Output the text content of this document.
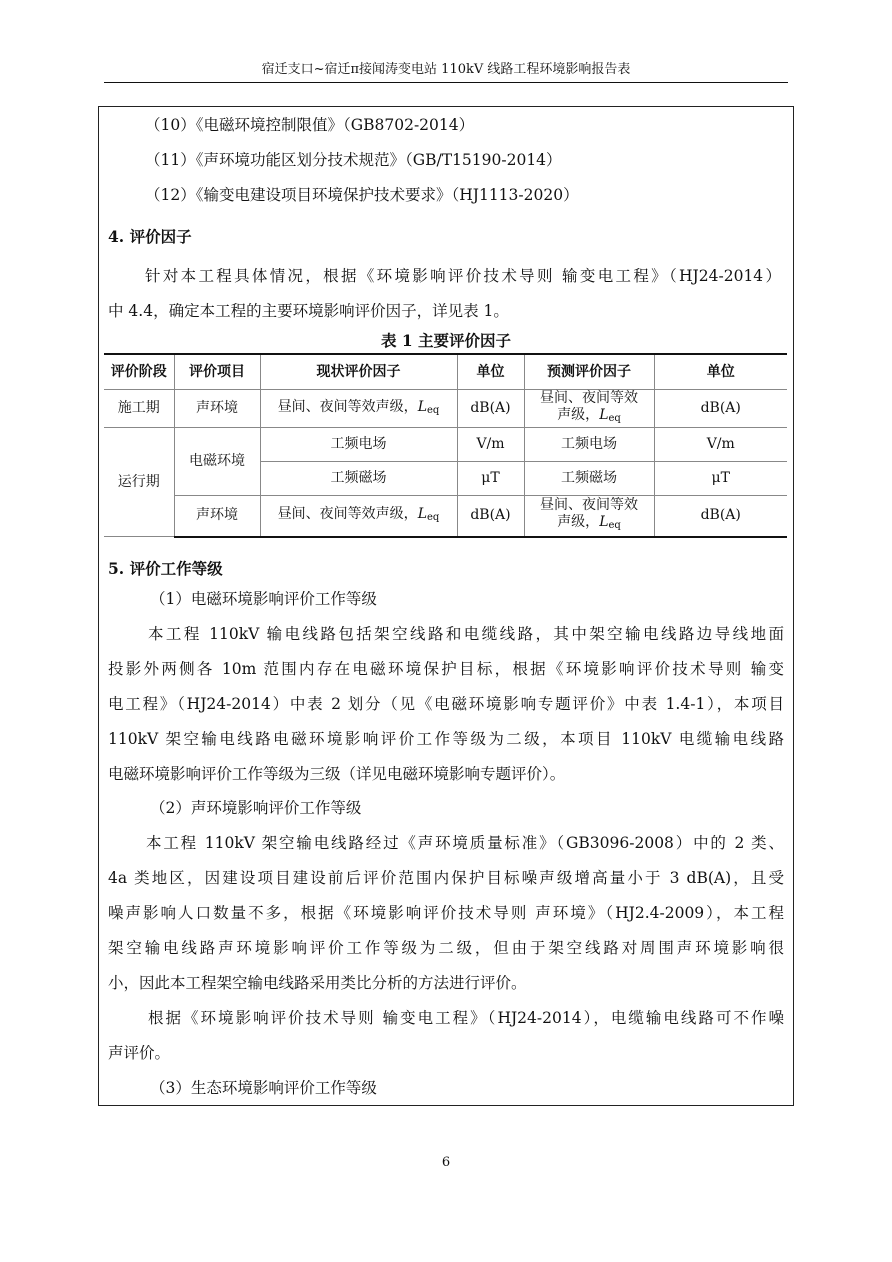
宿迁支口~宿迁π接闻涛变电站 110kV 线路工程环境影响报告表
（10）《电磁环境控制限值》（GB8702-2014）
（11）《声环境功能区划分技术规范》（GB/T15190-2014）
（12）《输变电建设项目环境保护技术要求》（HJ1113-2020）
4. 评价因子
针对本工程具体情况，根据《环境影响评价技术导则 输变电工程》（HJ24-2014）
中 4.4，确定本工程的主要环境影响评价因子，详见表 1。
表 1 主要评价因子
评价阶段	评价项目	现状评价因子	单位	预测评价因子	单位
施工期	声环境	昼间、夜间等效声级，$L_{eq}$	dB(A)	昼间、夜间等效
声级，$L_{eq}$	dB(A)
运行期	电磁环境	工频电场	V/m	工频电场	V/m
		工频磁场	μT	工频磁场	μT
	声环境	昼间、夜间等效声级，$L_{eq}$	dB(A)	昼间、夜间等效
声级，$L_{eq}$	dB(A)
5. 评价工作等级
（1）电磁环境影响评价工作等级
本工程 110kV 输电线路包括架空线路和电缆线路，其中架空输电线路边导线地面
投影外两侧各 10m 范围内存在电磁环境保护目标，根据《环境影响评价技术导则 输变
电工程》（HJ24-2014）中表 2 划分（见《电磁环境影响专题评价》中表 1.4-1），本项目
110kV 架空输电线路电磁环境影响评价工作等级为二级，本项目 110kV 电缆输电线路
电磁环境影响评价工作等级为三级（详见电磁环境影响专题评价）。
（2）声环境影响评价工作等级
本工程 110kV 架空输电线路经过《声环境质量标准》（GB3096-2008）中的 2 类、
4a 类地区，因建设项目建设前后评价范围内保护目标噪声级增高量小于 3 dB(A)，且受
噪声影响人口数量不多，根据《环境影响评价技术导则 声环境》（HJ2.4-2009），本工程
架空输电线路声环境影响评价工作等级为二级，但由于架空线路对周围声环境影响很
小，因此本工程架空输电线路采用类比分析的方法进行评价。
根据《环境影响评价技术导则 输变电工程》（HJ24-2014），电缆输电线路可不作噪
声评价。
（3）生态环境影响评价工作等级
6
